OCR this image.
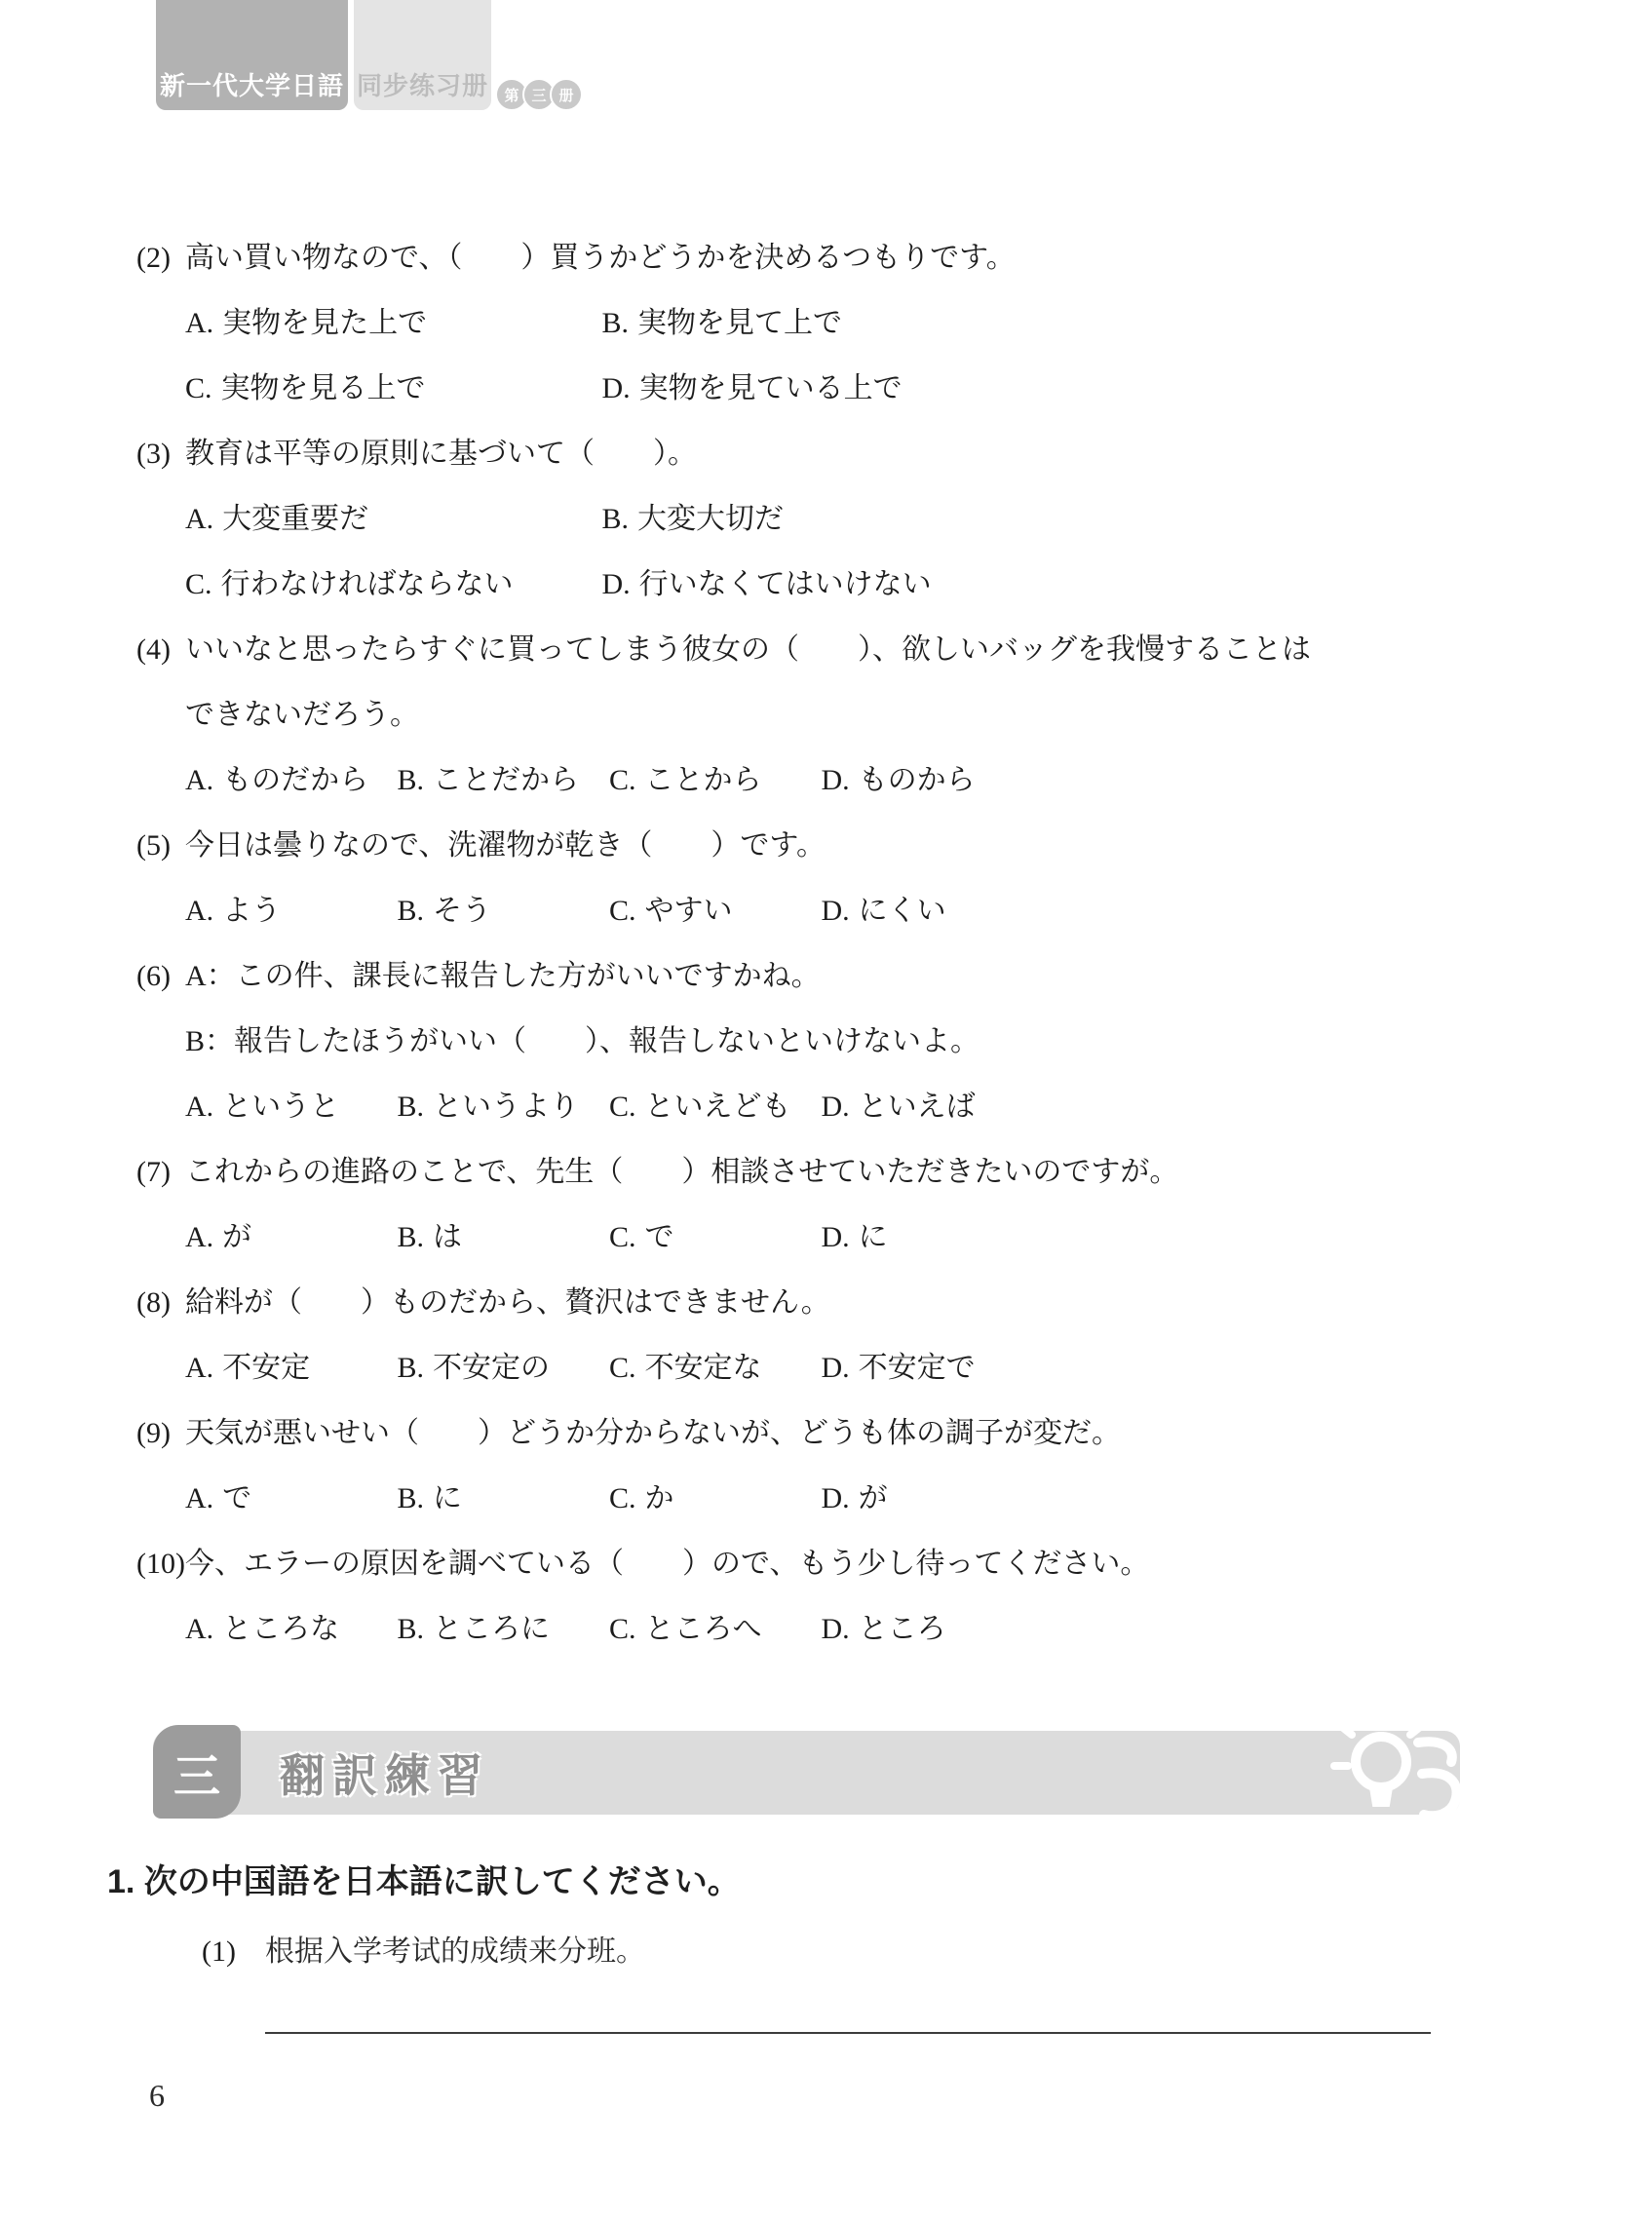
新一代大学日語 同步练习册	第 三 册
(2) 高い買い物なので、（　　）買うかどうかを決めるつもりです。
A. 実物を見た上で	B. 実物を見て上で
C. 実物を見る上で	D. 実物を見ている上で
(3) 教育は平等の原則に基づいて（　　）。
A. 大変重要だ	B. 大変大切だ
C. 行わなければならない	D. 行いなくてはいけない
(4) いいなと思ったらすぐに買ってしまう彼女の（　　）、欲しいバッグを我慢することは
できないだろう。
A. ものだから B. ことだから C. ことから D. ものから
(5) 今日は曇りなので、洗濯物が乾き（　　）です。
A. よう	B. そう	C. やすい	D. にくい
(6) A：この件、課長に報告した方がいいですかね。
B：報告したほうがいい（　　）、報告しないといけないよ。
A. というと B. というより C. といえども D. といえば
(7) これからの進路のことで、先生（　　）相談させていただきたいのですが。
A. が	B. は	C. で	D. に
(8) 給料が（　　）ものだから、贅沢はできません。
A. 不安定	B. 不安定の C. 不安定な D. 不安定で
(9) 天気が悪いせい（　　）どうか分からないが、どうも体の調子が変だ。
A. で	B. に	C. か	D. が
(10) 今、エラーの原因を調べている（　　）ので、もう少し待ってください。
A. ところな B. ところに C. ところへ D. ところ
三 翻訳練習
1. 次の中国語を日本語に訳してください。
(1) 根据入学考试的成绩来分班。
6
